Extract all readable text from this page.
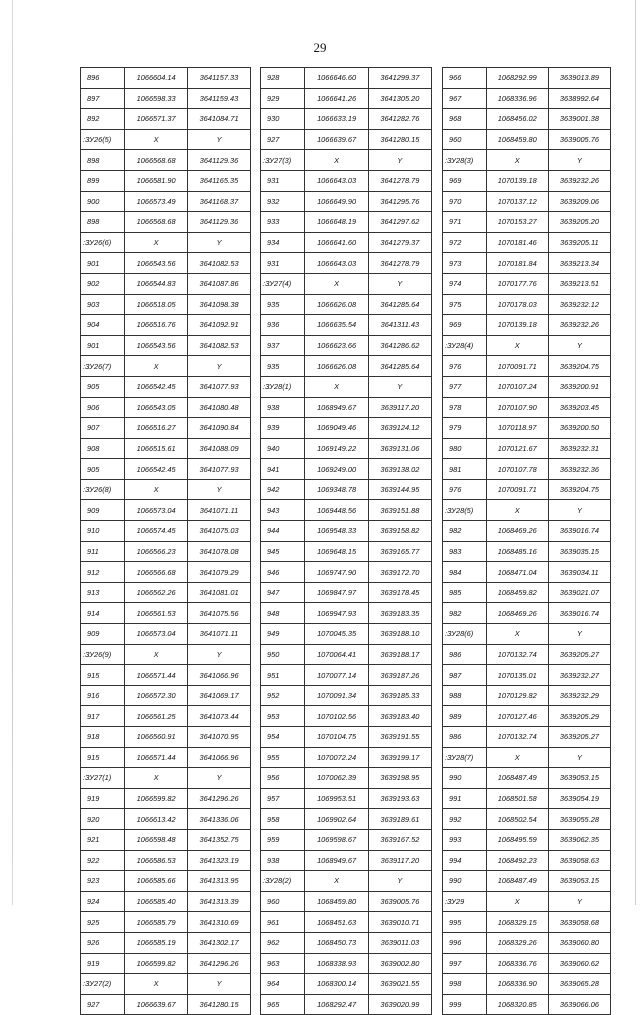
29
896	1066604.14	3641157.33
897	1066598.33	3641159.43
892	1066571.37	3641084.71
:ЗУ26(5)	X	Y
898	1066568.68	3641129.36
899	1066581.90	3641165.35
900	1066573.49	3641168.37
898	1066568.68	3641129.36
:ЗУ26(6)	X	Y
901	1066543.56	3641082.53
902	1066544.83	3641087.86
903	1066518.05	3641098.38
904	1066516.76	3641092.91
901	1066543.56	3641082.53
:ЗУ26(7)	X	Y
905	1066542.45	3641077.93
906	1066543.05	3641080.48
907	1066516.27	3641090.84
908	1066515.61	3641088.09
905	1066542.45	3641077.93
:ЗУ26(8)	X	Y
909	1066573.04	3641071.11
910	1066574.45	3641075.03
911	1066566.23	3641078.08
912	1066566.68	3641079.29
913	1066562.26	3641081.01
914	1066561.53	3641075.56
909	1066573.04	3641071.11
:ЗУ26(9)	X	Y
915	1066571.44	3641066.96
916	1066572.30	3641069.17
917	1066561.25	3641073.44
918	1066560.91	3641070.95
915	1066571.44	3641066.96
:ЗУ27(1)	X	Y
919	1066599.82	3641296.26
920	1066613.42	3641336.06
921	1066598.48	3641352.75
922	1066586.53	3641323.19
923	1066585.66	3641313.95
924	1066585.40	3641313.39
925	1066585.79	3641310.69
926	1066585.19	3641302.17
919	1066599.82	3641296.26
:ЗУ27(2)	X	Y
927	1066639.67	3641280.15
928	1066646.60	3641299.37
929	1066641.26	3641305.20
930	1066633.19	3641282.76
927	1066639.67	3641280.15
:ЗУ27(3)	X	Y
931	1066643.03	3641278.79
932	1066649.90	3641295.76
933	1066648.19	3641297.62
934	1066641.60	3641279.37
931	1066643.03	3641278.79
:ЗУ27(4)	X	Y
935	1066626.08	3641285.64
936	1066635.54	3641311.43
937	1066623.66	3641286.62
935	1066626.08	3641285.64
:ЗУ28(1)	X	Y
938	1068949.67	3639117.20
939	1069049.46	3639124.12
940	1069149.22	3639131.06
941	1069249.00	3639138.02
942	1069348.78	3639144.95
943	1069448.56	3639151.88
944	1069548.33	3639158.82
945	1069648.15	3639165.77
946	1069747.90	3639172.70
947	1069847.97	3639178.45
948	1069947.93	3639183.35
949	1070045.35	3639188.10
950	1070064.41	3639188.17
951	1070077.14	3639187.26
952	1070091.34	3639185.33
953	1070102.56	3639183.40
954	1070104.75	3639191.55
955	1070072.24	3639199.17
956	1070062.39	3639198.95
957	1069953.51	3639193.63
958	1069902.64	3639189.61
959	1069598.67	3639167.52
938	1068949.67	3639117.20
:ЗУ28(2)	X	Y
960	1068459.80	3639005.76
961	1068451.63	3639010.71
962	1068450.73	3639011.03
963	1068338.93	3639002.80
964	1068300.14	3639021.55
965	1068292.47	3639020.99
966	1068292.99	3639013.89
967	1068336.96	3638992.64
968	1068456.02	3639001.38
960	1068459.80	3639005.76
:ЗУ28(3)	X	Y
969	1070139.18	3639232.26
970	1070137.12	3639209.06
971	1070153.27	3639205.20
972	1070181.46	3639205.11
973	1070181.84	3639213.34
974	1070177.76	3639213.51
975	1070178.03	3639232.12
969	1070139.18	3639232.26
:ЗУ28(4)	X	Y
976	1070091.71	3639204.75
977	1070107.24	3639200.91
978	1070107.90	3639203.45
979	1070118.97	3639200.50
980	1070121.67	3639232.31
981	1070107.78	3639232.36
976	1070091.71	3639204.75
:ЗУ28(5)	X	Y
982	1068469.26	3639016.74
983	1068485.16	3639035.15
984	1068471.04	3639034.11
985	1068459.82	3639021.07
982	1068469.26	3639016.74
:ЗУ28(6)	X	Y
986	1070132.74	3639205.27
987	1070135.01	3639232.27
988	1070129.82	3639232.29
989	1070127.46	3639205.29
986	1070132.74	3639205.27
:ЗУ28(7)	X	Y
990	1068487.49	3639053.15
991	1068501.58	3639054.19
992	1068502.54	3639055.28
993	1068495.59	3639062.35
994	1068492.23	3639058.63
990	1068487.49	3639053.15
:ЗУ29	X	Y
995	1068329.15	3639058.68
996	1068329.26	3639060.80
997	1068336.76	3639060.62
998	1068336.90	3639065.28
999	1068320.85	3639066.06
